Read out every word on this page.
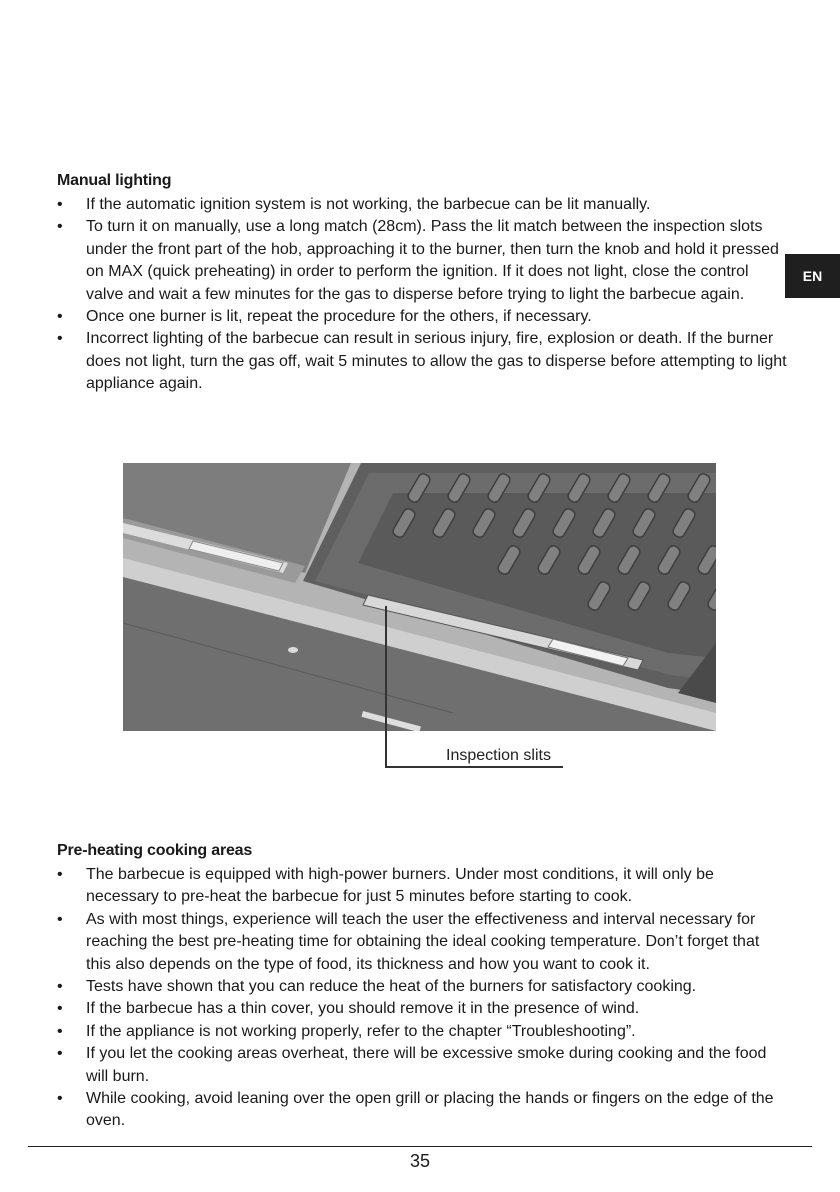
EN
Manual lighting
•	If the automatic ignition system is not working, the barbecue can be lit manually.
•	To turn it on manually, use a long match (28cm). Pass the lit match between the inspection slots under the front part of the hob, approaching it to the burner, then turn the knob and hold it pressed on MAX (quick preheating) in order to perform the ignition. If it does not light, close the control valve and wait a few minutes for the gas to disperse before trying to light the barbecue again.
•	Once one burner is lit, repeat the procedure for the others, if necessary.
•	Incorrect lighting of the barbecue can result in serious injury, fire, explosion or death. If the burner does not light, turn the gas off, wait 5 minutes to allow the gas to disperse before attempting to light appliance again.
Inspection slits
Pre-heating cooking areas
•	The barbecue is equipped with high-power burners. Under most conditions, it will only be necessary to pre-heat the barbecue for just 5 minutes before starting to cook.
•	As with most things, experience will teach the user the effectiveness and interval necessary for reaching the best pre-heating time for obtaining the ideal cooking temperature. Don’t forget that this also depends on the type of food, its thickness and how you want to cook it.
•	Tests have shown that you can reduce the heat of the burners for satisfactory cooking.
•	If the barbecue has a thin cover, you should remove it in the presence of wind.
•	If the appliance is not working properly, refer to the chapter “Troubleshooting”.
•	If you let the cooking areas overheat, there will be excessive smoke during cooking and the food will burn.
•	While cooking, avoid leaning over the open grill or placing the hands or fingers on the edge of the oven.
35
